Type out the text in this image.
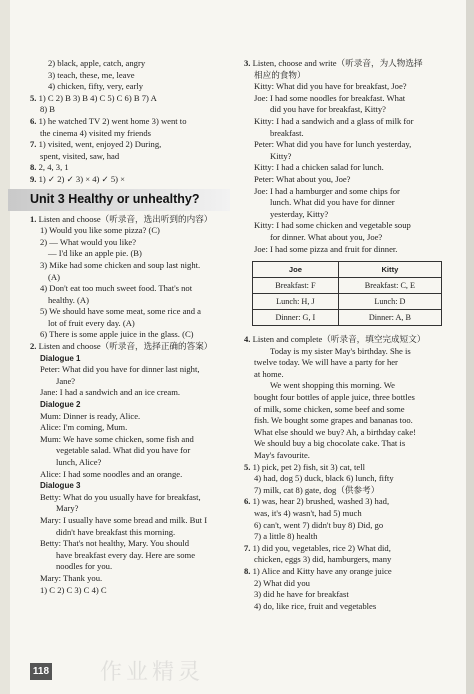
2) black, apple, catch, angry
3) teach, these, me, leave
4) chicken, fifty, very, early
5. 1) C 2) B 3) B 4) C 5) C 6) B 7) A
8) B
6. 1) he watched TV 2) went home 3) went to
the cinema 4) visited my friends
7. 1) visited, went, enjoyed 2) During,
spent, visited, saw, had
8. 2, 4, 3, 1
9. 1) ✓ 2) ✓ 3) × 4) ✓ 5) ×
Unit 3 Healthy or unhealthy?
1. Listen and choose（听录音，选出听到的内容）
1) Would you like some pizza? (C)
2) — What would you like?
— I'd like an apple pie. (B)
3) Mike had some chicken and soup last night.
(A)
4) Don't eat too much sweet food. That's not
healthy. (A)
5) We should have some meat, some rice and a
lot of fruit every day. (A)
6) There is some apple juice in the glass. (C)
2. Listen and choose（听录音，选择正确的答案）
Dialogue 1
Peter: What did you have for dinner last night,
Jane?
Jane: I had a sandwich and an ice cream.
Dialogue 2
Mum: Dinner is ready, Alice.
Alice: I'm coming, Mum.
Mum: We have some chicken, some fish and
vegetable salad. What did you have for
lunch, Alice?
Alice: I had some noodles and an orange.
Dialogue 3
Betty: What do you usually have for breakfast,
Mary?
Mary: I usually have some bread and milk. But I
didn't have breakfast this morning.
Betty: That's not healthy, Mary. You should
have breakfast every day. Here are some
noodles for you.
Mary: Thank you.
1) C 2) C 3) C 4) C
3. Listen, choose and write（听录音，为人物选择
相应的食物）
Kitty: What did you have for breakfast, Joe?
Joe: I had some noodles for breakfast. What
did you have for breakfast, Kitty?
Kitty: I had a sandwich and a glass of milk for
breakfast.
Peter: What did you have for lunch yesterday,
Kitty?
Kitty: I had a chicken salad for lunch.
Peter: What about you, Joe?
Joe: I had a hamburger and some chips for
lunch. What did you have for dinner
yesterday, Kitty?
Kitty: I had some chicken and vegetable soup
for dinner. What about you, Joe?
Joe: I had some pizza and fruit for dinner.
Joe	Kitty
Breakfast: F	Breakfast: C, E
Lunch: H, J	Lunch: D
Dinner: G, I	Dinner: A, B
4. Listen and complete（听录音，填空完成短文）
Today is my sister May's birthday. She is
twelve today. We will have a party for her
at home.
We went shopping this morning. We
bought four bottles of apple juice, three bottles
of milk, some chicken, some beef and some
fish. We bought some grapes and bananas too.
What else should we buy? Ah, a birthday cake!
We should buy a big chocolate cake. That is
May's favourite.
5. 1) pick, pet 2) fish, sit 3) cat, tell
4) had, dog 5) duck, black 6) lunch, fifty
7) milk, cat 8) gate, dog（供参考）
6. 1) was, hear 2) brushed, washed 3) had,
was, it's 4) wasn't, had 5) much
6) can't, went 7) didn't buy 8) Did, go
7) a little 8) health
7. 1) did you, vegetables, rice 2) What did,
chicken, eggs 3) did, hamburgers, many
8. 1) Alice and Kitty have any orange juice
2) What did you
3) did he have for breakfast
4) do, like rice, fruit and vegetables
118 作业精灵
